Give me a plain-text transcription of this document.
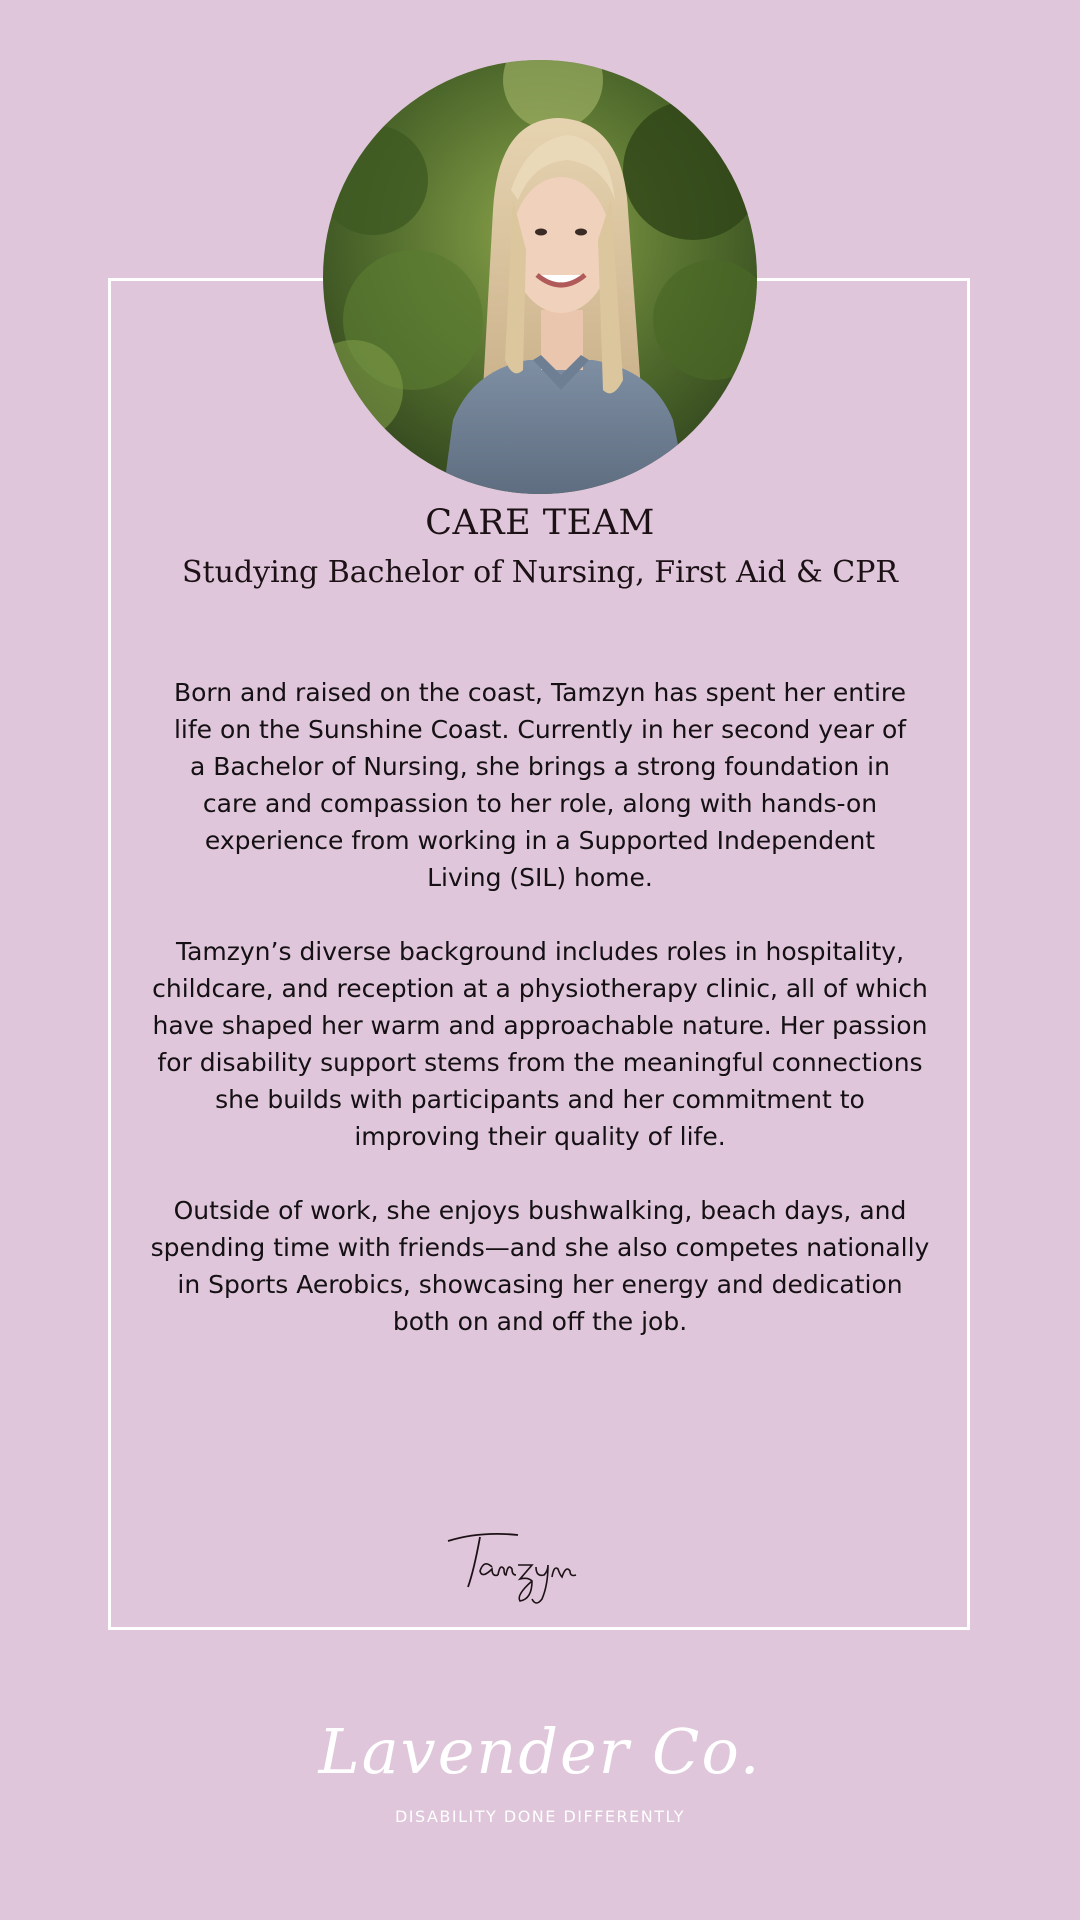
CARE TEAM
Studying Bachelor of Nursing, First Aid & CPR

Born and raised on the coast, Tamzyn has spent her entire life on the Sunshine Coast. Currently in her second year of a Bachelor of Nursing, she brings a strong foundation in care and compassion to her role, along with hands-on experience from working in a Supported Independent Living (SIL) home.

Tamzyn’s diverse background includes roles in hospitality, childcare, and reception at a physiotherapy clinic, all of which have shaped her warm and approachable nature. Her passion for disability support stems from the meaningful connections she builds with participants and her commitment to improving their quality of life.

Outside of work, she enjoys bushwalking, beach days, and spending time with friends—and she also competes nationally in Sports Aerobics, showcasing her energy and dedication both on and off the job.

Lavender Co.
DISABILITY DONE DIFFERENTLY
